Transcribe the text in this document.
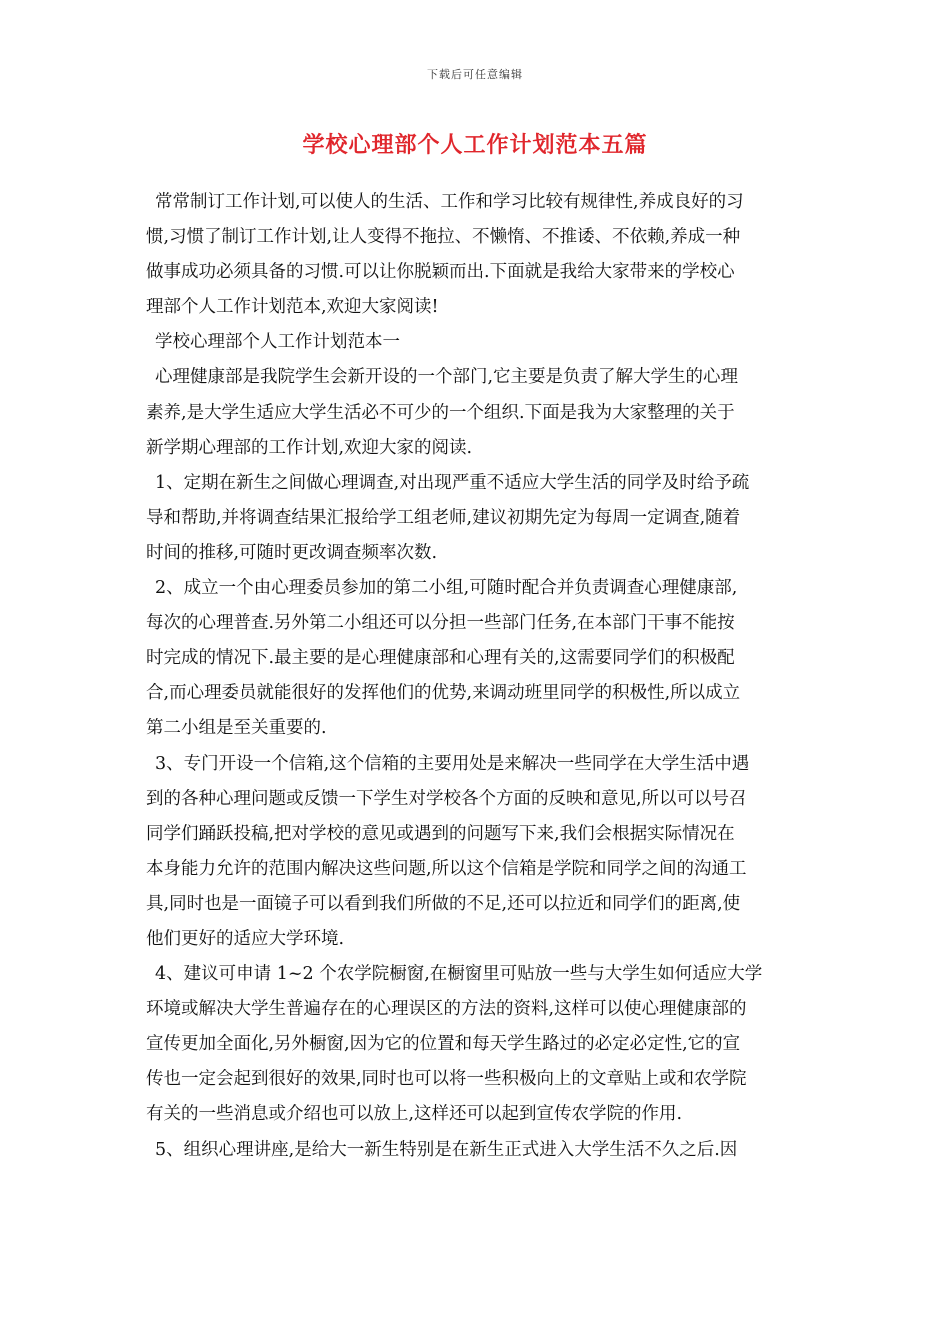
下载后可任意编辑
学校心理部个人工作计划范本五篇
常常制订工作计划,可以使人的生活、工作和学习比较有规律性,养成良好的习
惯,习惯了制订工作计划,让人变得不拖拉、不懒惰、不推诿、不依赖,养成一种
做事成功必须具备的习惯.可以让你脱颖而出.下面就是我给大家带来的学校心
理部个人工作计划范本,欢迎大家阅读!
学校心理部个人工作计划范本一
心理健康部是我院学生会新开设的一个部门,它主要是负责了解大学生的心理
素养,是大学生适应大学生活必不可少的一个组织.下面是我为大家整理的关于
新学期心理部的工作计划,欢迎大家的阅读.
1、定期在新生之间做心理调查,对出现严重不适应大学生活的同学及时给予疏
导和帮助,并将调查结果汇报给学工组老师,建议初期先定为每周一定调查,随着
时间的推移,可随时更改调查频率次数.
2、成立一个由心理委员参加的第二小组,可随时配合并负责调查心理健康部,
每次的心理普查.另外第二小组还可以分担一些部门任务,在本部门干事不能按
时完成的情况下.最主要的是心理健康部和心理有关的,这需要同学们的积极配
合,而心理委员就能很好的发挥他们的优势,来调动班里同学的积极性,所以成立
第二小组是至关重要的.
3、专门开设一个信箱,这个信箱的主要用处是来解决一些同学在大学生活中遇
到的各种心理问题或反馈一下学生对学校各个方面的反映和意见,所以可以号召
同学们踊跃投稿,把对学校的意见或遇到的问题写下来,我们会根据实际情况在
本身能力允许的范围内解决这些问题,所以这个信箱是学院和同学之间的沟通工
具,同时也是一面镜子可以看到我们所做的不足,还可以拉近和同学们的距离,使
他们更好的适应大学环境.
4、建议可申请 1~2 个农学院橱窗,在橱窗里可贴放一些与大学生如何适应大学
环境或解决大学生普遍存在的心理误区的方法的资料,这样可以使心理健康部的
宣传更加全面化,另外橱窗,因为它的位置和每天学生路过的必定必定性,它的宣
传也一定会起到很好的效果,同时也可以将一些积极向上的文章贴上或和农学院
有关的一些消息或介绍也可以放上,这样还可以起到宣传农学院的作用.
5、组织心理讲座,是给大一新生特别是在新生正式进入大学生活不久之后.因
